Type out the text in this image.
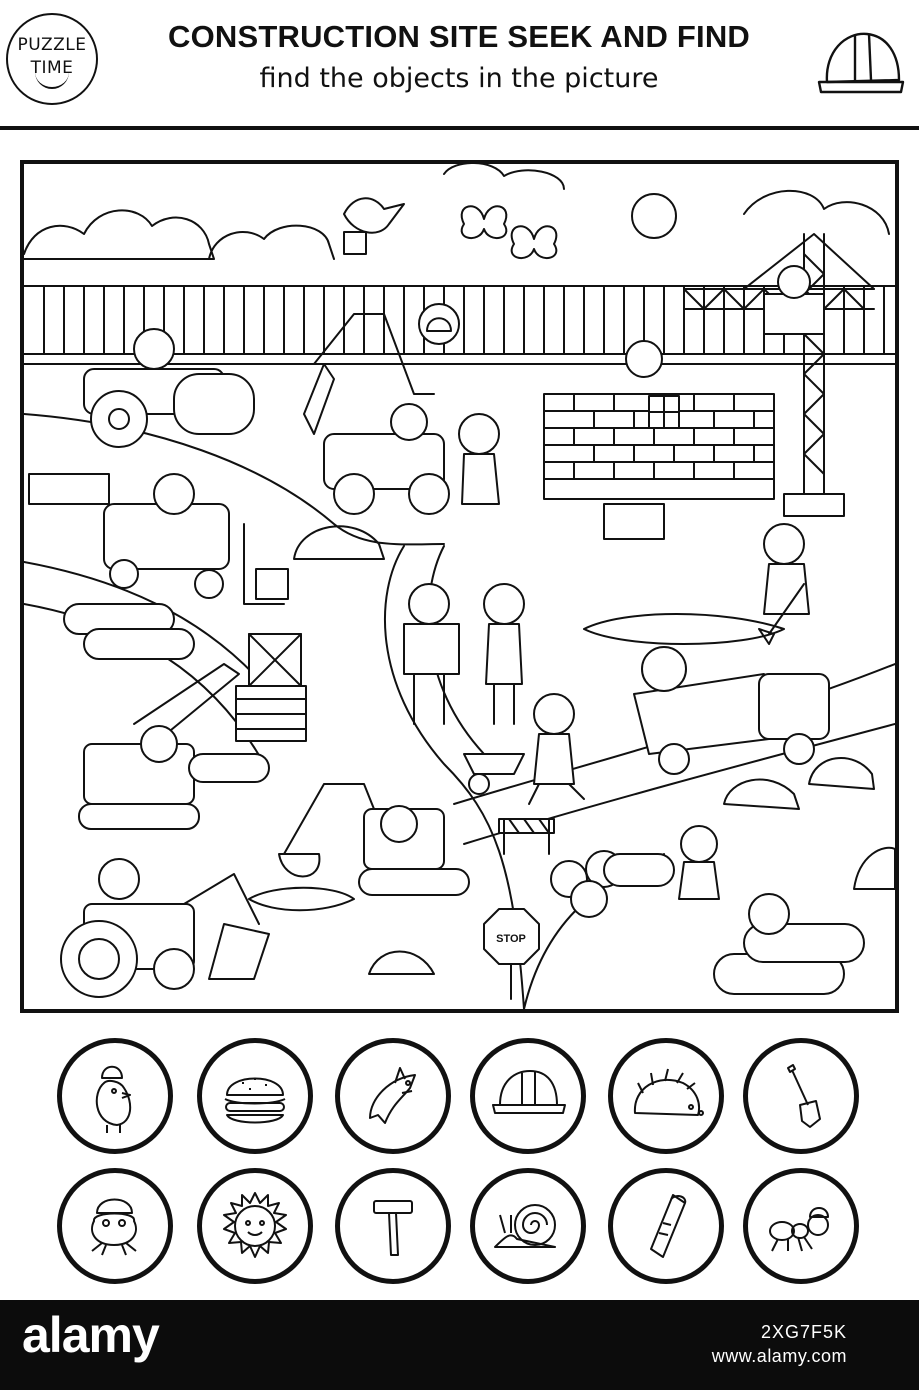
PUZZLE
TIME
CONSTRUCTION SITE SEEK AND FIND
find the objects in the picture
STOP
alamy	2XG7F5K
www.alamy.com
